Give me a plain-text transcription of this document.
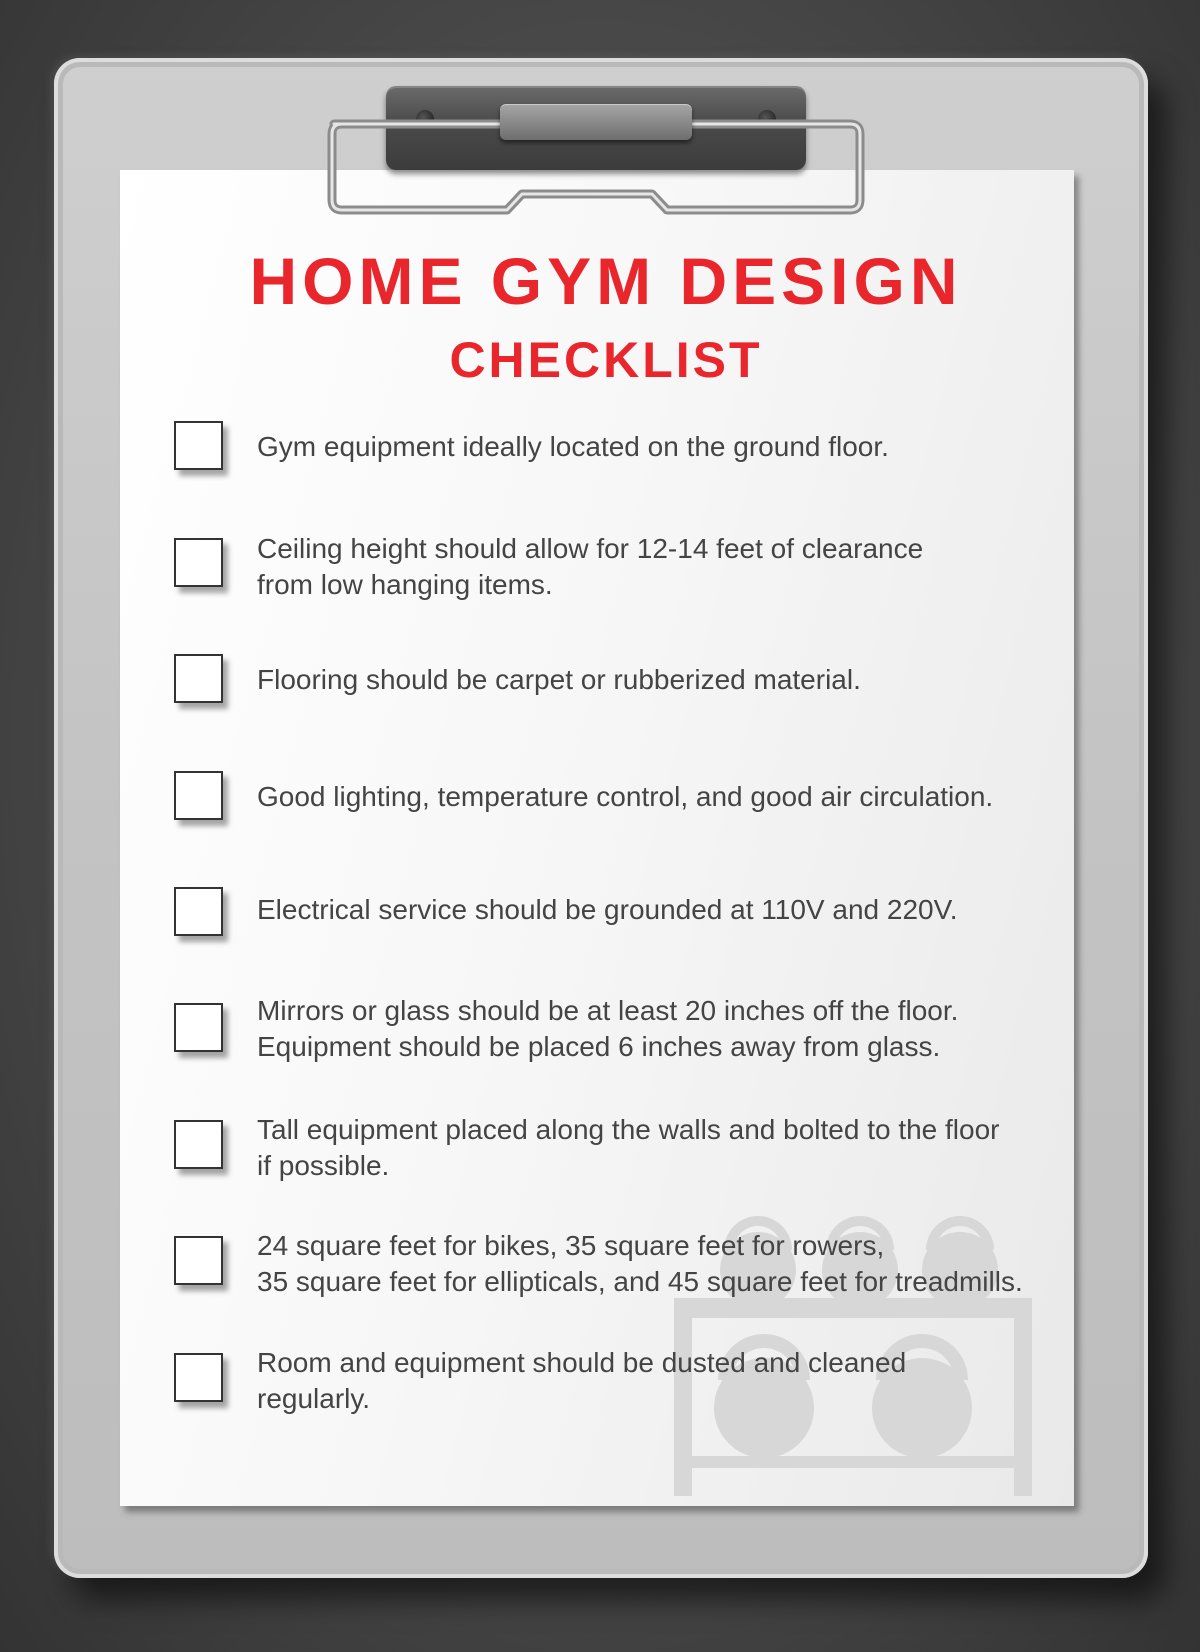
HOME GYM DESIGN
CHECKLIST
Gym equipment ideally located on the ground floor.
Ceiling height should allow for 12-14 feet of clearance
from low hanging items.
Flooring should be carpet or rubberized material.
Good lighting, temperature control, and good air circulation.
Electrical service should be grounded at 110V and 220V.
Mirrors or glass should be at least 20 inches off the floor.
Equipment should be placed 6 inches away from glass.
Tall equipment placed along the walls and bolted to the floor
if possible.
24 square feet for bikes, 35 square feet for rowers,
35 square feet for ellipticals, and 45 square feet for treadmills.
Room and equipment should be dusted and cleaned
regularly.
